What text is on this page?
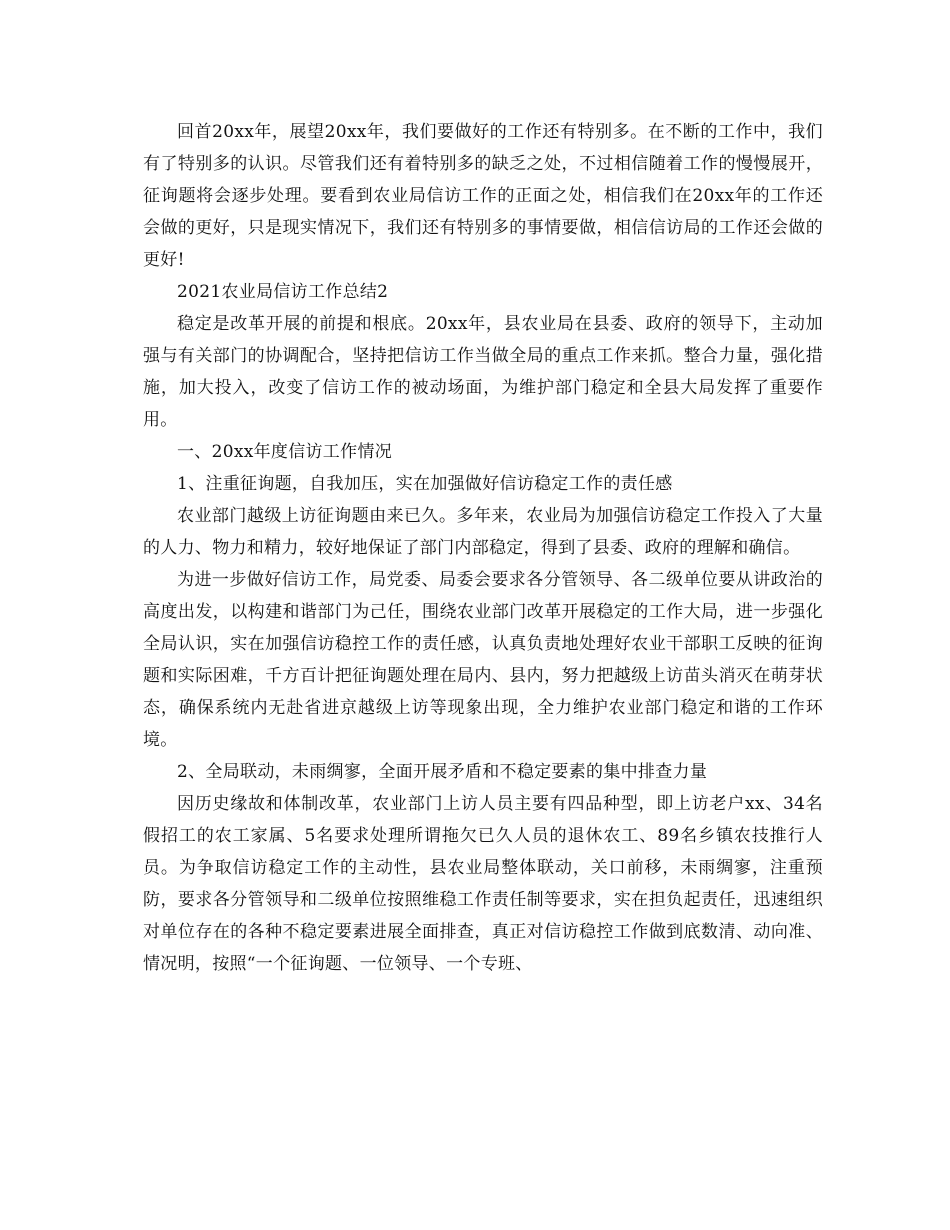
回首20xx年，展望20xx年，我们要做好的工作还有特别多。在不断的工作中，我们有了特别多的认识。尽管我们还有着特别多的缺乏之处，不过相信随着工作的慢慢展开，征询题将会逐步处理。要看到农业局信访工作的正面之处，相信我们在20xx年的工作还会做的更好，只是现实情况下，我们还有特别多的事情要做，相信信访局的工作还会做的更好!

2021农业局信访工作总结2

稳定是改革开展的前提和根底。20xx年，县农业局在县委、政府的领导下，主动加强与有关部门的协调配合，坚持把信访工作当做全局的重点工作来抓。整合力量，强化措施，加大投入，改变了信访工作的被动场面，为维护部门稳定和全县大局发挥了重要作用。

一、20xx年度信访工作情况

1、注重征询题，自我加压，实在加强做好信访稳定工作的责任感

农业部门越级上访征询题由来已久。多年来，农业局为加强信访稳定工作投入了大量的人力、物力和精力，较好地保证了部门内部稳定，得到了县委、政府的理解和确信。

为进一步做好信访工作，局党委、局委会要求各分管领导、各二级单位要从讲政治的高度出发，以构建和谐部门为己任，围绕农业部门改革开展稳定的工作大局，进一步强化全局认识，实在加强信访稳控工作的责任感，认真负责地处理好农业干部职工反映的征询题和实际困难，千方百计把征询题处理在局内、县内，努力把越级上访苗头消灭在萌芽状态，确保系统内无赴省进京越级上访等现象出现，全力维护农业部门稳定和谐的工作环境。

2、全局联动，未雨绸寥，全面开展矛盾和不稳定要素的集中排查力量

因历史缘故和体制改革，农业部门上访人员主要有四品种型，即上访老户xx、34名假招工的农工家属、5名要求处理所谓拖欠已久人员的退休农工、89名乡镇农技推行人员。为争取信访稳定工作的主动性，县农业局整体联动，关口前移，未雨绸寥，注重预防，要求各分管领导和二级单位按照维稳工作责任制等要求，实在担负起责任，迅速组织对单位存在的各种不稳定要素进展全面排查，真正对信访稳控工作做到底数清、动向准、情况明，按照“一个征询题、一位领导、一个专班、
